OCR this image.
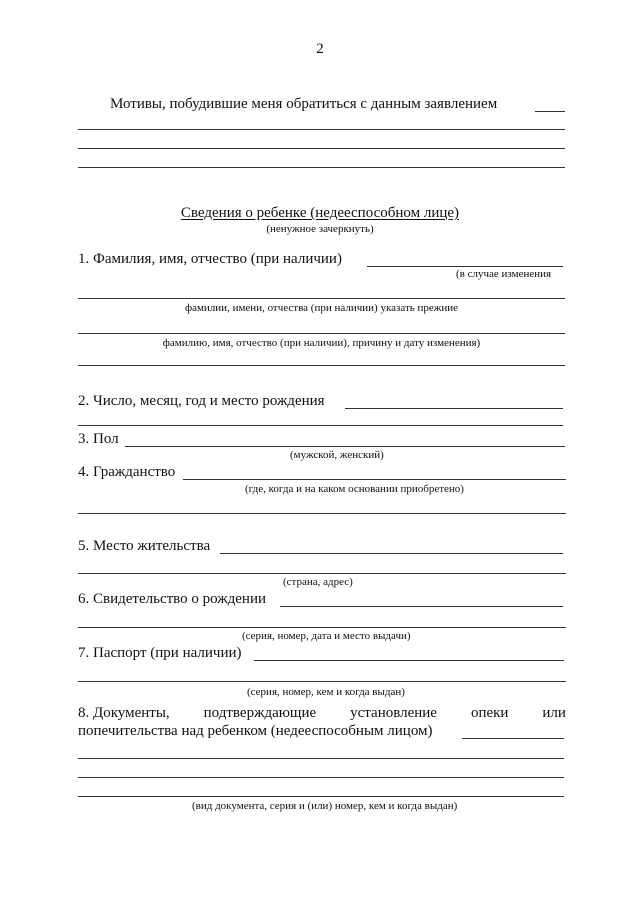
2
Мотивы, побудившие меня обратиться с данным заявлением
Сведения о ребенке (недееспособном лице)
(ненужное зачеркнуть)
1. Фамилия, имя, отчество (при наличии)
(в случае изменения
фамилии, имени, отчества (при наличии) указать прежние
фамилию, имя, отчество (при наличии), причину и дату изменения)
2. Число, месяц, год и место рождения
3. Пол
(мужской, женский)
4. Гражданство
(где, когда и на каком основании приобретено)
5. Место жительства
(страна, адрес)
6. Свидетельство о рождении
(серия, номер, дата и место выдачи)
7. Паспорт (при наличии)
(серия, номер, кем и когда выдан)
8. Документы, подтверждающие установление опеки или
попечительства над ребенком (недееспособным лицом)
(вид документа, серия и (или) номер, кем и когда выдан)
